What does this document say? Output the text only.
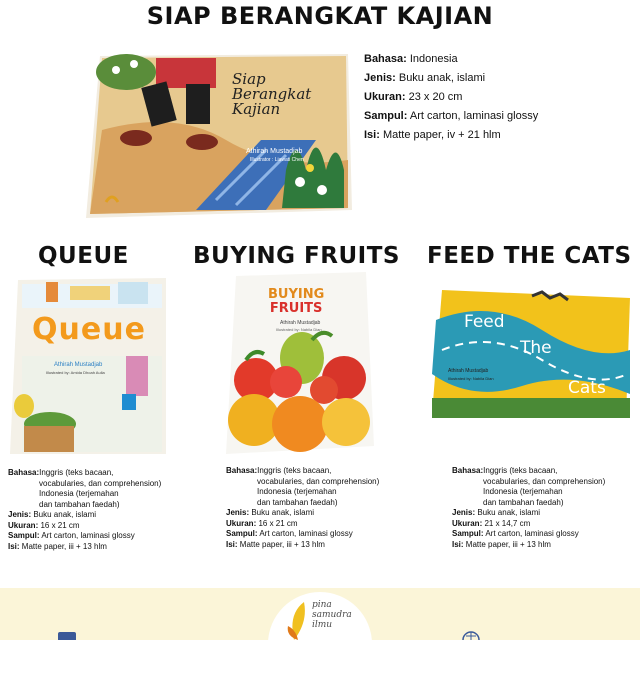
SIAP BERANGKAT KAJIAN
Siap
Berangkat
Kajian
Athirah Mustadjab
Illustrator : Liawati Chen
Bahasa: Indonesia
Jenis: Buku anak, islami
Ukuran: 23 x 20 cm
Sampul: Art carton, laminasi glossy
Isi: Matte paper, iv + 21 hlm
QUEUE	BUYING FRUITS FEED THE CATS
Queue
Athirah Mustadjab
Illustrated by: Amida Dhoah Aulia
BUYING
FRUITS
Athirah Mustadjab
Illustrated by: Nabila Dian	Feed
The
Cats
Athirah Mustadjab
Illustrated by: Nabila Dian
Bahasa:Inggris (teks bacaan,
vocabularies, dan comprehension)
Indonesia (terjemahan
dan tambahan faedah)
Jenis: Buku anak, islami
Ukuran: 16 x 21 cm
Sampul: Art carton, laminasi glossy
Isi: Matte paper, iii + 13 hlm
Bahasa:Inggris (teks bacaan,
vocabularies, dan comprehension)
Indonesia (terjemahan
dan tambahan faedah)
Jenis: Buku anak, islami
Ukuran: 16 x 21 cm
Sampul: Art carton, laminasi glossy
Isi: Matte paper, iii + 13 hlm
Bahasa:Inggris (teks bacaan,
vocabularies, dan comprehension)
Indonesia (terjemahan
dan tambahan faedah)
Jenis: Buku anak, islami
Ukuran: 21 x 14,7 cm
Sampul: Art carton, laminasi glossy
Isi: Matte paper, iii + 13 hlm
pina
samudra
ilmu
